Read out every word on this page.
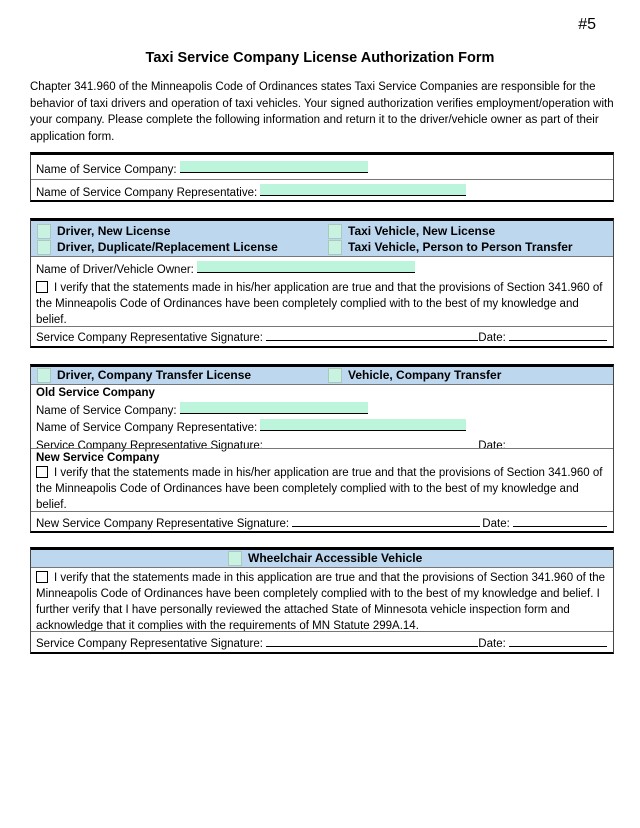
#5
Taxi Service Company License Authorization Form
Chapter 341.960 of the Minneapolis Code of Ordinances states Taxi Service Companies are responsible for the behavior of taxi drivers and operation of taxi vehicles. Your signed authorization verifies employment/operation with your company. Please complete the following information and return it to the driver/vehicle owner as part of their application form.
Name of Service Company:
Name of Service Company Representative:
Driver, New License
Driver, Duplicate/Replacement License
Taxi Vehicle, New License
Taxi Vehicle, Person to Person Transfer
Name of Driver/Vehicle Owner:
I verify that the statements made in his/her application are true and that the provisions of Section 341.960 of the Minneapolis Code of Ordinances have been completely complied with to the best of my knowledge and belief.
Service Company Representative Signature:	Date:
Driver, Company Transfer License	Vehicle, Company Transfer
Old Service Company
Name of Service Company:
Name of Service Company Representative:
Service Company Representative Signature:	Date:
New Service Company
I verify that the statements made in his/her application are true and that the provisions of Section 341.960 of the Minneapolis Code of Ordinances have been completely complied with to the best of my knowledge and belief.
New Service Company Representative Signature:	Date:
Wheelchair Accessible Vehicle
I verify that the statements made in this application are true and that the provisions of Section 341.960 of the Minneapolis Code of Ordinances have been completely complied with to the best of my knowledge and belief. I further verify that I have personally reviewed the attached State of Minnesota vehicle inspection form and acknowledge that it complies with the requirements of MN Statute 299A.14.
Service Company Representative Signature:	Date:
